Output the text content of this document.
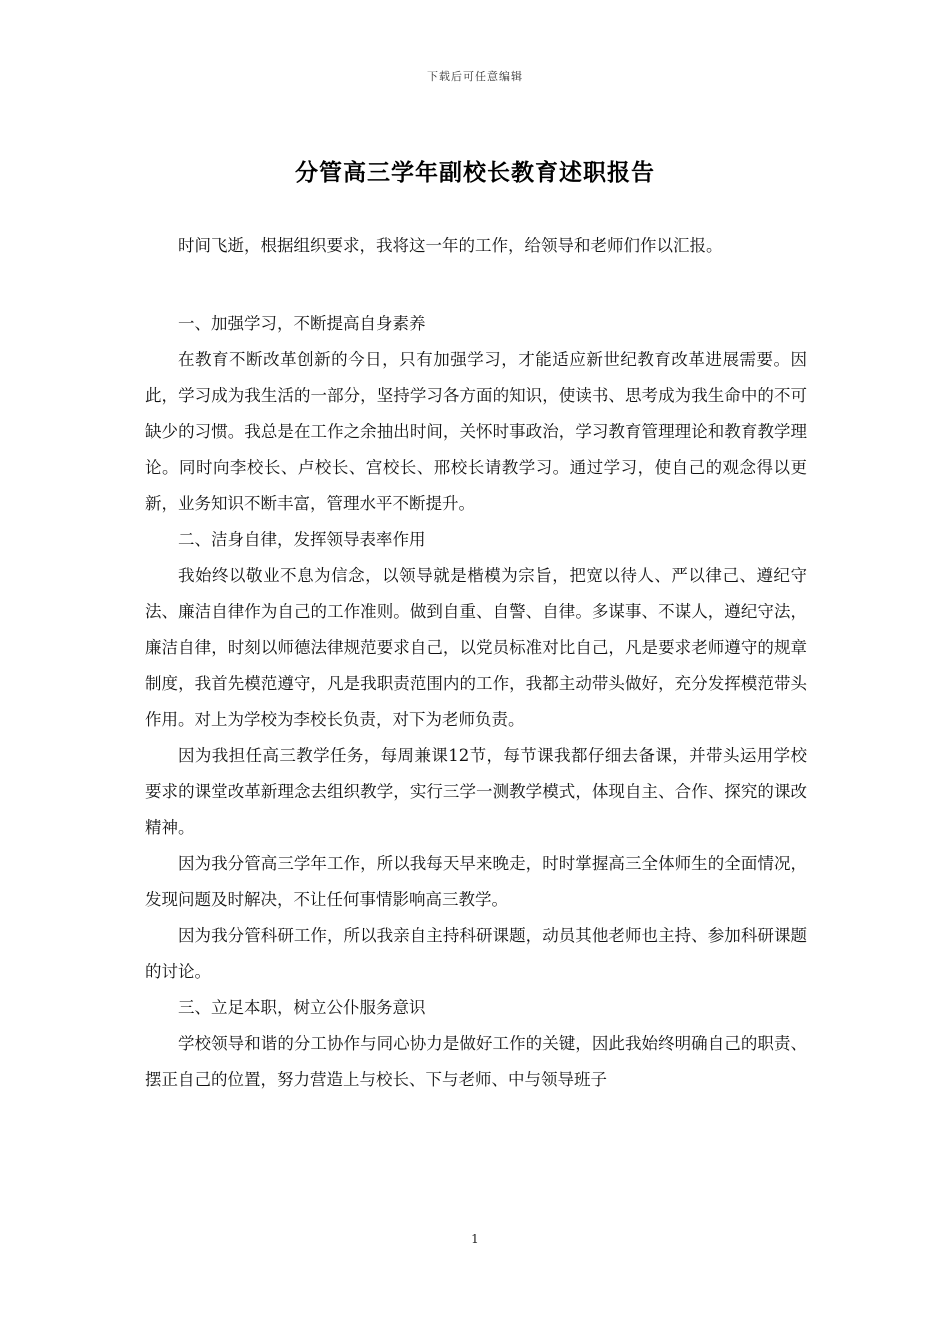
下载后可任意编辑
分管高三学年副校长教育述职报告

时间飞逝，根据组织要求，我将这一年的工作，给领导和老师们作以汇报。

一、加强学习，不断提高自身素养

在教育不断改革创新的今日，只有加强学习，才能适应新世纪教育改革进展需要。因此，学习成为我生活的一部分，坚持学习各方面的知识，使读书、思考成为我生命中的不可缺少的习惯。我总是在工作之余抽出时间，关怀时事政治，学习教育管理理论和教育教学理论。同时向李校长、卢校长、宫校长、邢校长请教学习。通过学习，使自己的观念得以更新，业务知识不断丰富，管理水平不断提升。

二、洁身自律，发挥领导表率作用

我始终以敬业不息为信念，以领导就是楷模为宗旨，把宽以待人、严以律己、遵纪守法、廉洁自律作为自己的工作准则。做到自重、自警、自律。多谋事、不谋人，遵纪守法，廉洁自律，时刻以师德法律规范要求自己，以党员标准对比自己，凡是要求老师遵守的规章制度，我首先模范遵守，凡是我职责范围内的工作，我都主动带头做好，充分发挥模范带头作用。对上为学校为李校长负责，对下为老师负责。

因为我担任高三教学任务，每周兼课12节，每节课我都仔细去备课，并带头运用学校要求的课堂改革新理念去组织教学，实行三学一测教学模式，体现自主、合作、探究的课改精神。

因为我分管高三学年工作，所以我每天早来晚走，时时掌握高三全体师生的全面情况，发现问题及时解决，不让任何事情影响高三教学。

因为我分管科研工作，所以我亲自主持科研课题，动员其他老师也主持、参加科研课题的讨论。

三、立足本职，树立公仆服务意识

学校领导和谐的分工协作与同心协力是做好工作的关键，因此我始终明确自己的职责、摆正自己的位置，努力营造上与校长、下与老师、中与领导班子

1
